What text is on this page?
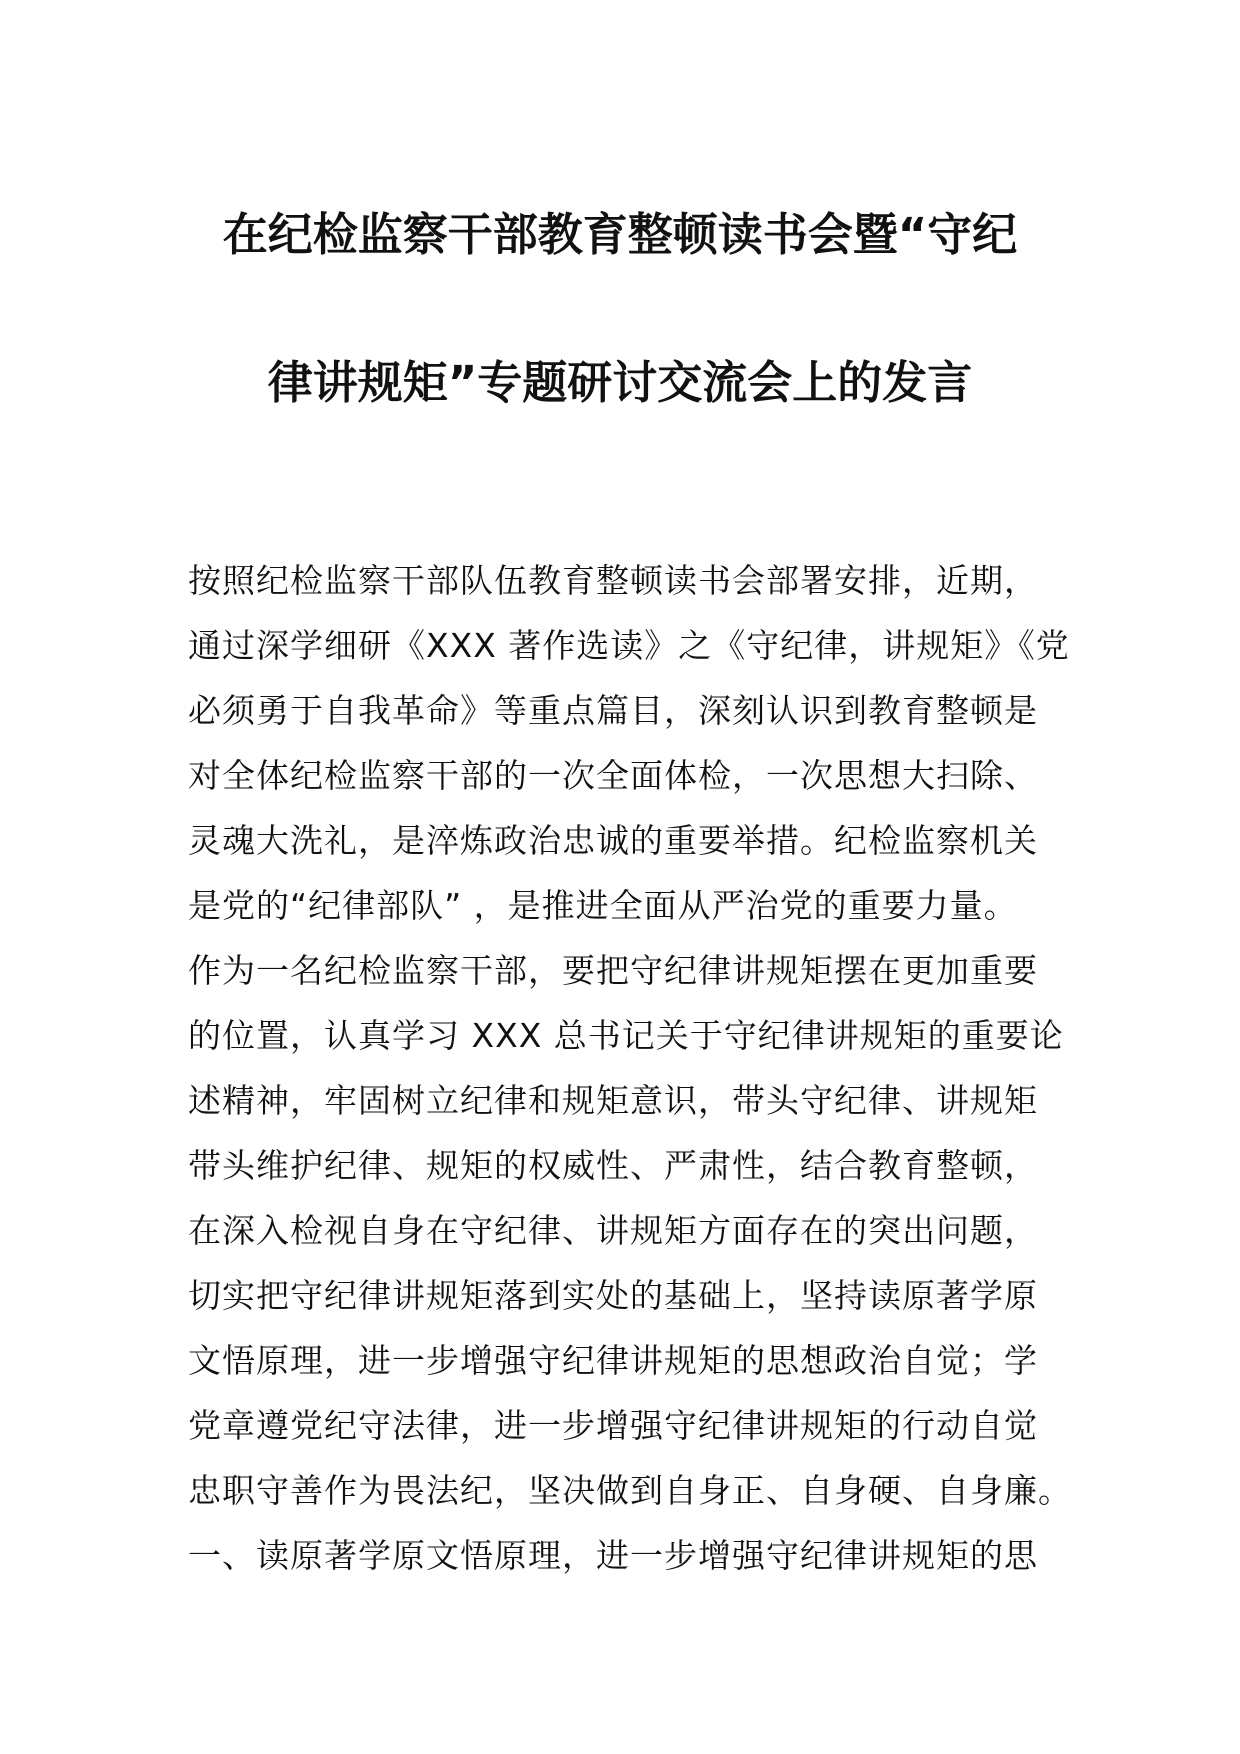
在纪检监察干部教育整顿读书会暨“守纪
律讲规矩”专题研讨交流会上的发言
按照纪检监察干部队伍教育整顿读书会部署安排，近期，
通过深学细研《XXX 著作选读》之《守纪律，讲规矩》《党
必须勇于自我革命》等重点篇目，深刻认识到教育整顿是
对全体纪检监察干部的一次全面体检，一次思想大扫除、
灵魂大洗礼，是淬炼政治忠诚的重要举措。纪检监察机关
是党的“纪律部队” ，是推进全面从严治党的重要力量。
作为一名纪检监察干部，要把守纪律讲规矩摆在更加重要
的位置，认真学习 XXX 总书记关于守纪律讲规矩的重要论
述精神，牢固树立纪律和规矩意识，带头守纪律、讲规矩
带头维护纪律、规矩的权威性、严肃性，结合教育整顿，
在深入检视自身在守纪律、讲规矩方面存在的突出问题，
切实把守纪律讲规矩落到实处的基础上，坚持读原著学原
文悟原理，进一步增强守纪律讲规矩的思想政治自觉；学
党章遵党纪守法律，进一步增强守纪律讲规矩的行动自觉
忠职守善作为畏法纪，坚决做到自身正、自身硬、自身廉。
一、读原著学原文悟原理，进一步增强守纪律讲规矩的思
